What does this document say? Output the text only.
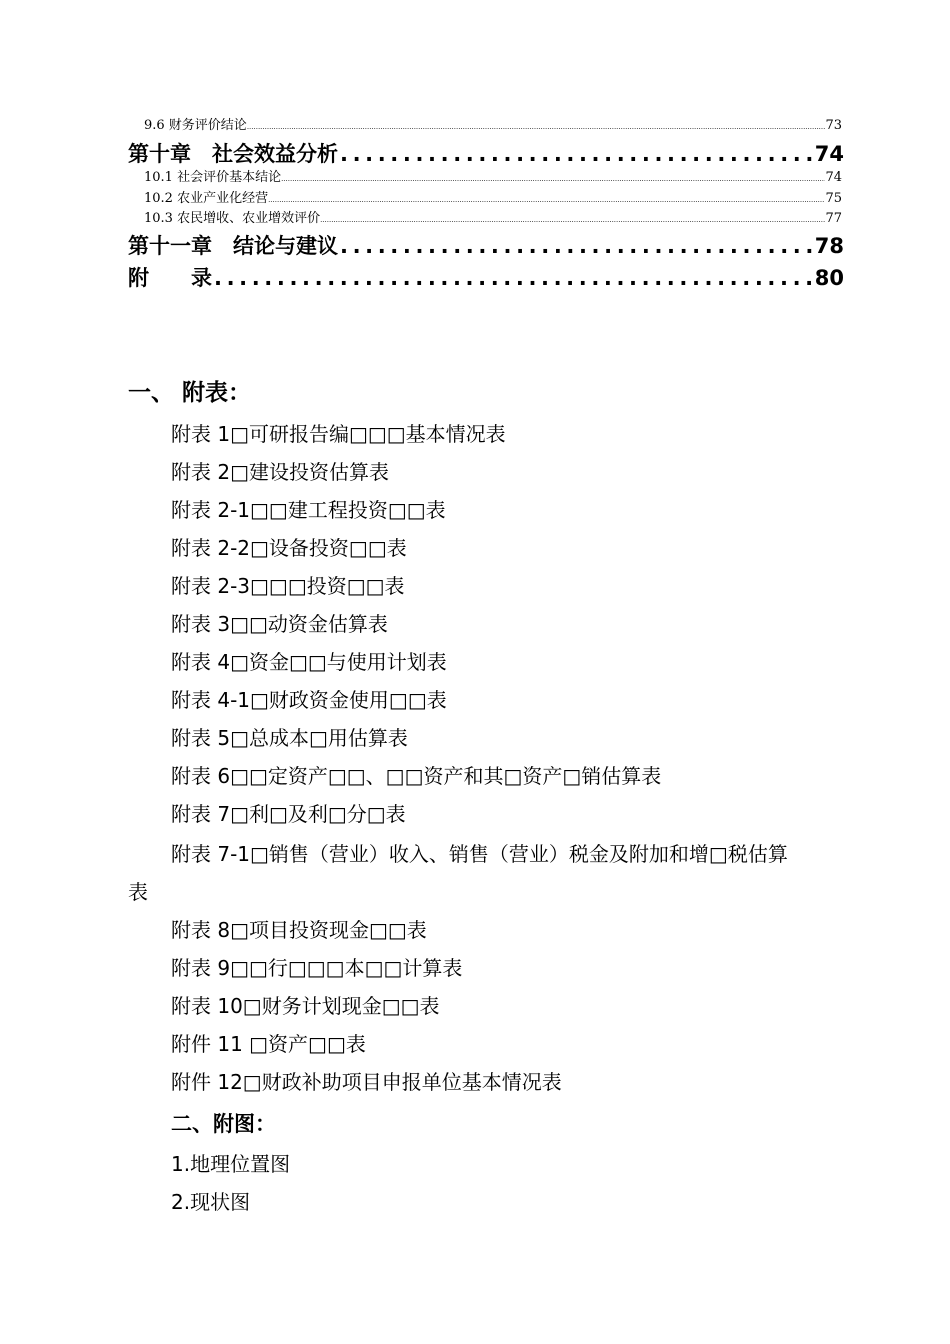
9.6 财务评价结论 .....	73
第十章　社会效益分析 .....	74
10.1 社会评价基本结论 .....	74
10.2 农业产业化经营 .....	75
10.3 农民增收、农业增效评价 .....	77
第十一章　结论与建议 .....	78
附　　录 .....	80
一、 附表：
附表 1□可研报告编□□□基本情况表
附表 2□建设投资估算表
附表 2-1□□建工程投资□□表
附表 2-2□设备投资□□表
附表 2-3□□□投资□□表
附表 3□□动资金估算表
附表 4□资金□□与使用计划表
附表 4-1□财政资金使用□□表
附表 5□总成本□用估算表
附表 6□□定资产□□、□□资产和其□资产□销估算表
附表 7□利□及利□分□表
附表 7-1□销售（营业）收入、销售（营业）税金及附加和增□税估算表
附表 8□项目投资现金□□表
附表 9□□行□□□本□□计算表
附表 10□财务计划现金□□表
附件 11 □资产□□表
附件 12□财政补助项目申报单位基本情况表
二、附图：
1.地理位置图
2.现状图
